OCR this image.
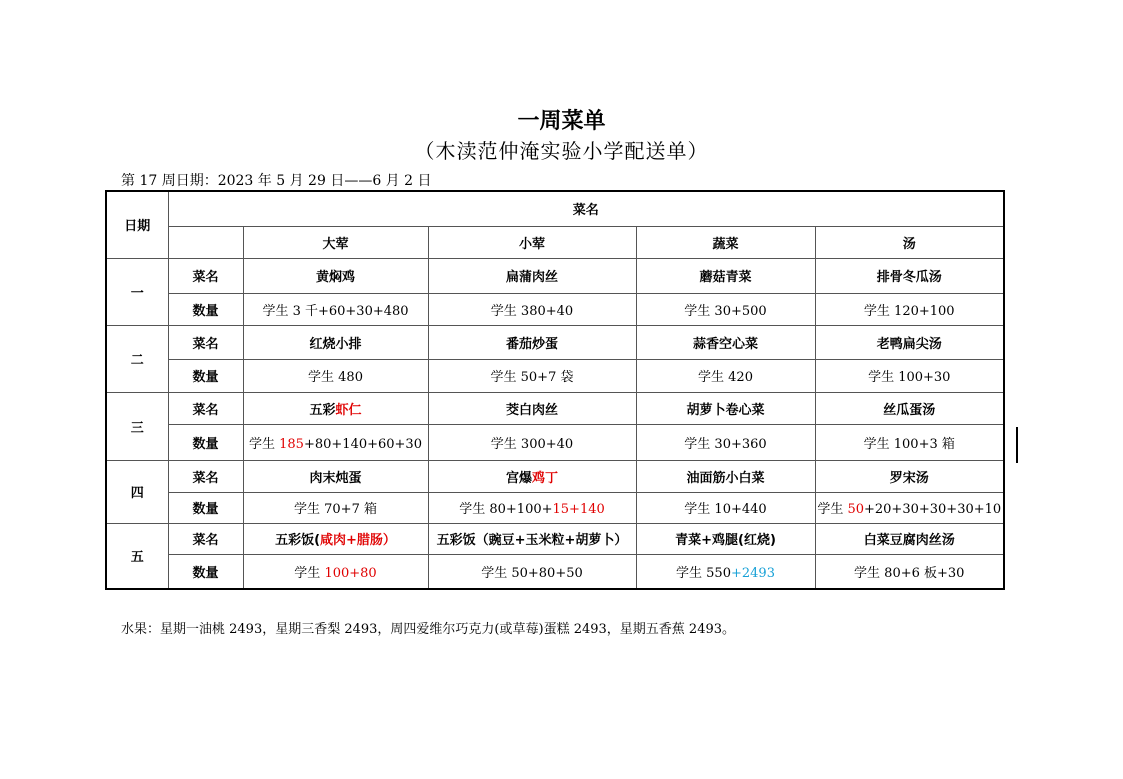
一周菜单
（木渎范仲淹实验小学配送单）
第 17 周日期：2023 年 5 月 29 日——6 月 2 日
日期	菜名				
		大荤	小荤	蔬菜	汤
一	菜名	黄焖鸡	扁蒲肉丝	蘑菇青菜	排骨冬瓜汤
	数量	学生 3 千+60+30+480	学生 380+40	学生 30+500	学生 120+100
二	菜名	红烧小排	番茄炒蛋	蒜香空心菜	老鸭扁尖汤
	数量	学生 480	学生 50+7 袋	学生 420	学生 100+30
三	菜名	五彩虾仁	茭白肉丝	胡萝卜卷心菜	丝瓜蛋汤
	数量	学生 185+80+140+60+30	学生 300+40	学生 30+360	学生 100+3 箱
四	菜名	肉末炖蛋	宫爆鸡丁	油面筋小白菜	罗宋汤
	数量	学生 70+7 箱	学生 80+100+15+140	学生 10+440	学生 50+20+30+30+30+10
五	菜名	五彩饭(咸肉+腊肠）	五彩饭（豌豆+玉米粒+胡萝卜）	青菜+鸡腿(红烧)	白菜豆腐肉丝汤
	数量	学生 100+80	学生 50+80+50	学生 550+2493	学生 80+6 板+30
水果：星期一油桃 2493，星期三香梨 2493，周四爱维尔巧克力(或草莓)蛋糕 2493，星期五香蕉 2493。
